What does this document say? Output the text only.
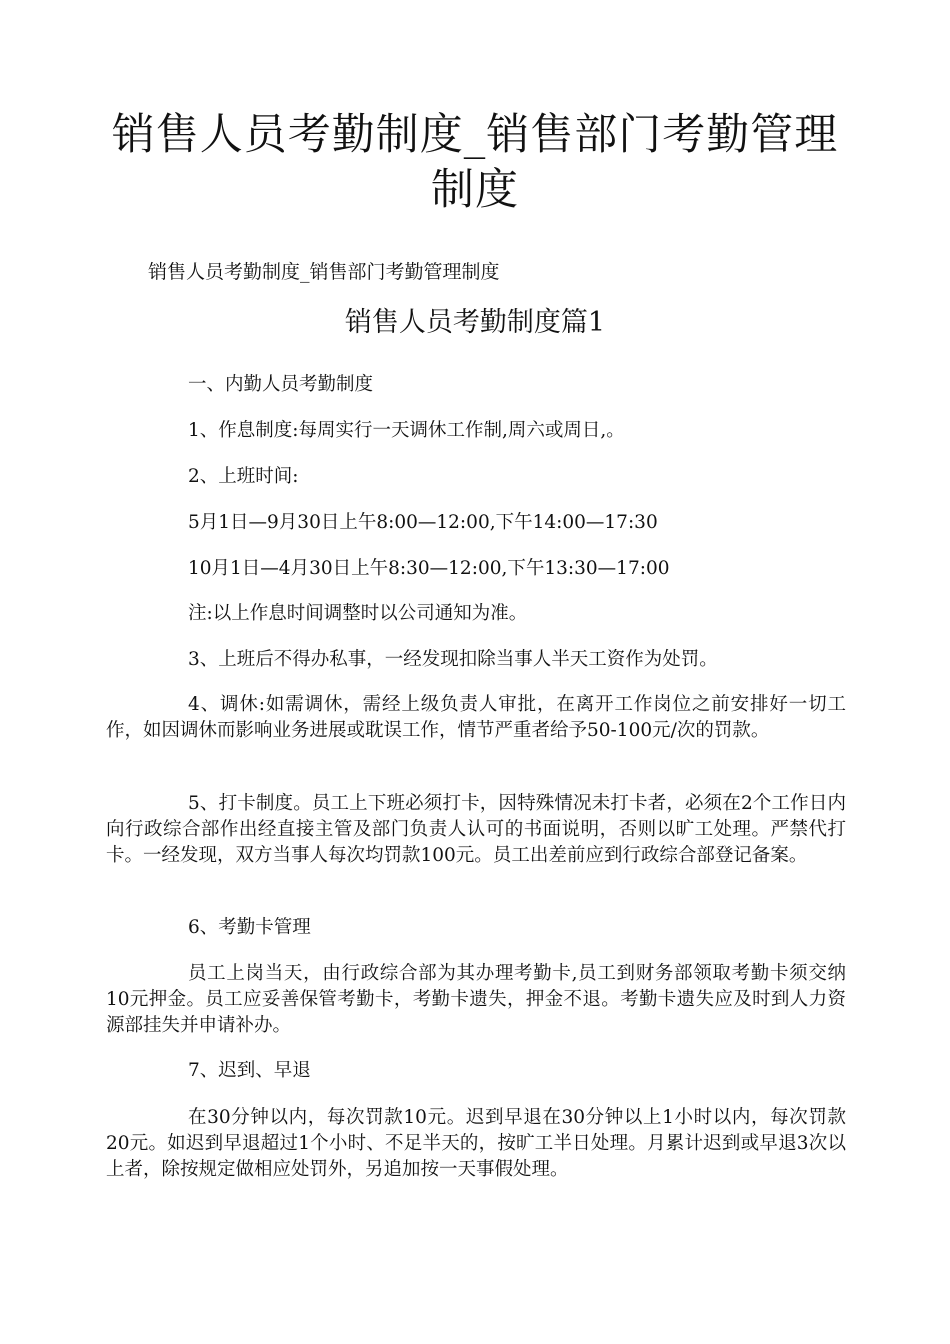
销售人员考勤制度_销售部门考勤管理制度
销售人员考勤制度_销售部门考勤管理制度
销售人员考勤制度篇1

一、内勤人员考勤制度

1、作息制度:每周实行一天调休工作制,周六或周日,。

2、上班时间:

5月1日—9月30日上午8:00—12:00,下午14:00—17:30

10月1日—4月30日上午8:30—12:00,下午13:30—17:00

注:以上作息时间调整时以公司通知为准。

3、上班后不得办私事，一经发现扣除当事人半天工资作为处罚。

4、调休:如需调休，需经上级负责人审批，在离开工作岗位之前安排好一切工作，如因调休而影响业务进展或耽误工作，情节严重者给予50-100元/次的罚款。

5、打卡制度。员工上下班必须打卡，因特殊情况未打卡者，必须在2个工作日内向行政综合部作出经直接主管及部门负责人认可的书面说明，否则以旷工处理。严禁代打卡。一经发现，双方当事人每次均罚款100元。员工出差前应到行政综合部登记备案。

6、考勤卡管理

员工上岗当天，由行政综合部为其办理考勤卡,员工到财务部领取考勤卡须交纳10元押金。员工应妥善保管考勤卡，考勤卡遗失，押金不退。考勤卡遗失应及时到人力资源部挂失并申请补办。

7、迟到、早退

在30分钟以内，每次罚款10元。迟到早退在30分钟以上1小时以内，每次罚款20元。如迟到早退超过1个小时、不足半天的，按旷工半日处理。月累计迟到或早退3次以上者，除按规定做相应处罚外，另追加按一天事假处理。
